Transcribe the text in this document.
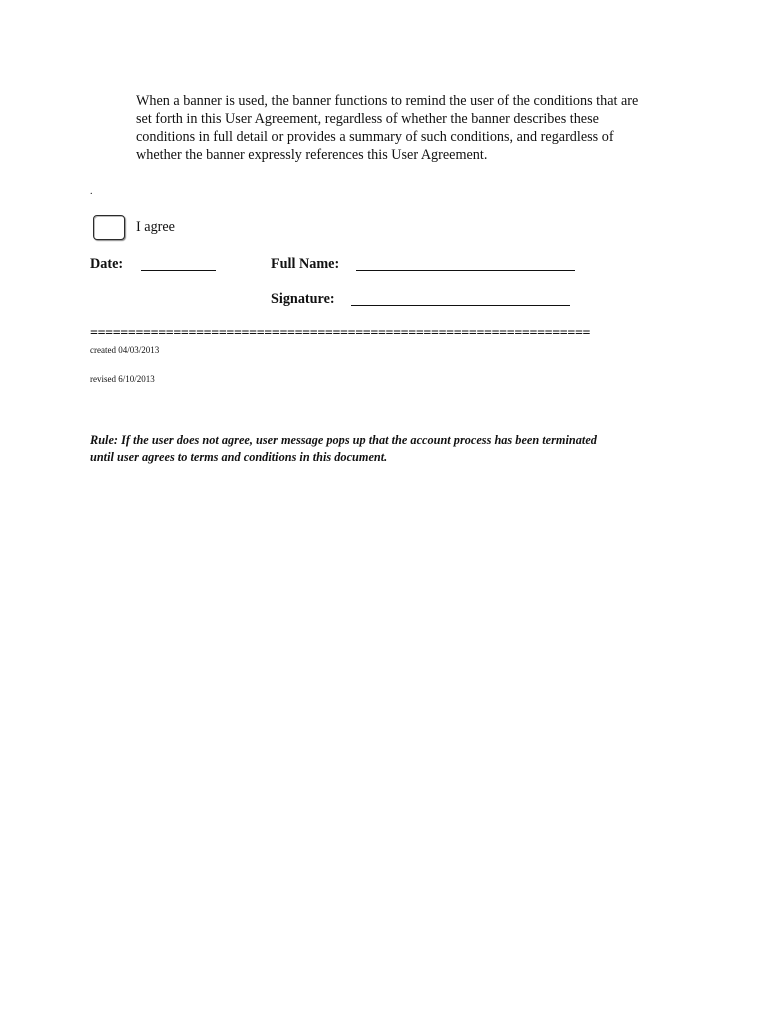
When a banner is used, the banner functions to remind the user of the conditions that are
set forth in this User Agreement, regardless of whether the banner describes these
conditions in full detail or provides a summary of such conditions, and regardless of
whether the banner expressly references this User Agreement.
.
I agree
Date:	Full Name:
Signature:
==================================================================
created 04/03/2013
revised 6/10/2013
Rule: If the user does not agree, user message pops up that the account process has been terminated
until user agrees to terms and conditions in this document.
